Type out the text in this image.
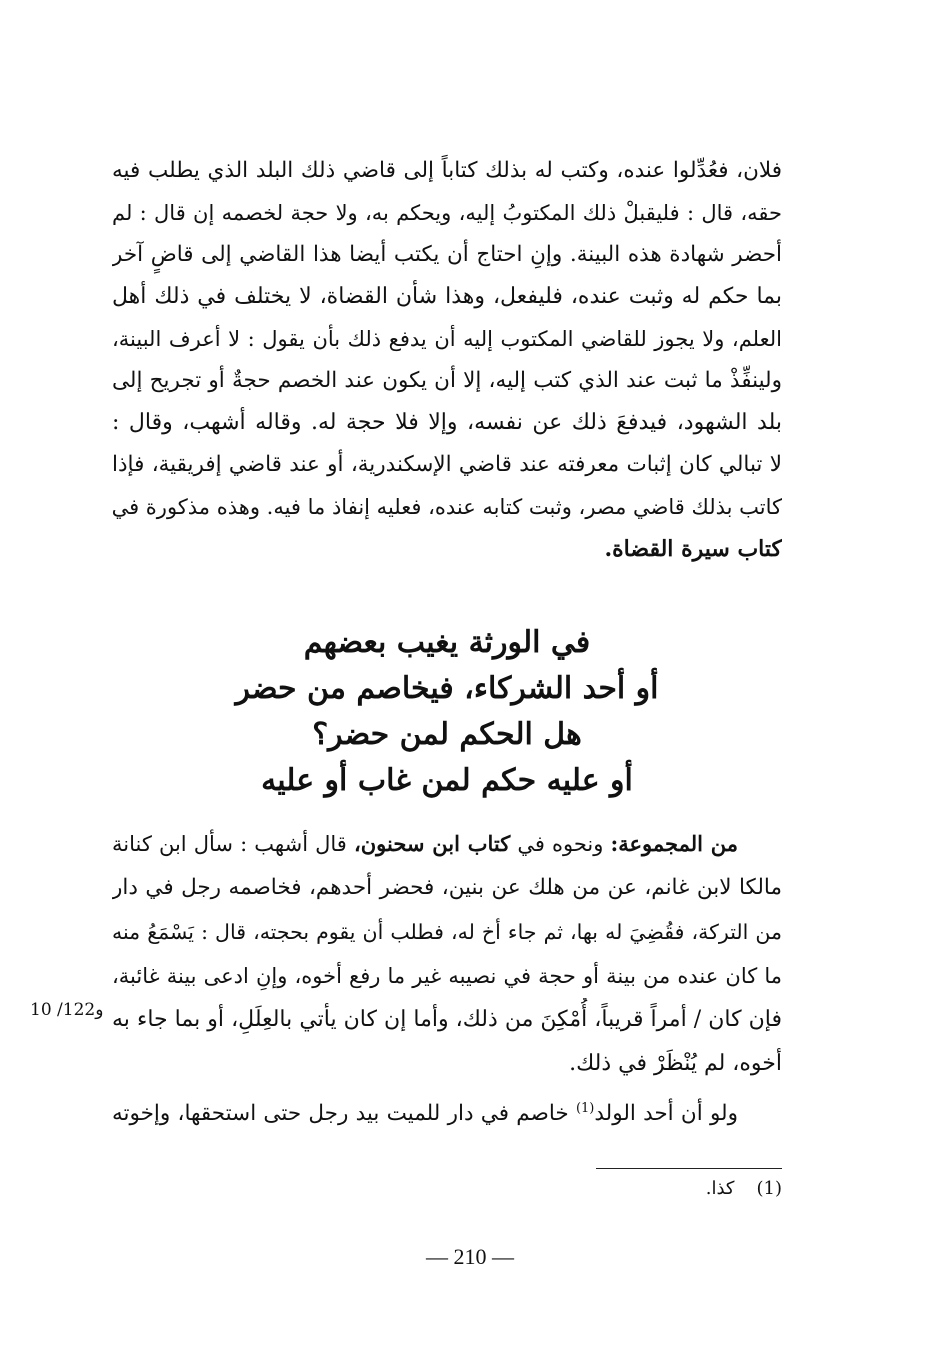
فلان، فعُدِّلوا عنده، وكتب له بذلك كتاباً إلى قاضي ذلك البلد الذي يطلب فيه
حقه، قال : فليقبلْ ذلك المكتوبُ إليه، ويحكم به، ولا حجة لخصمه إن قال : لم
أحضر شهادة هذه البينة. وإنِ احتاج أن يكتب أيضا هذا القاضي إلى قاضٍ آخر
بما حكم له وثبت عنده، فليفعل، وهذا شأن القضاة، لا يختلف في ذلك أهل
العلم، ولا يجوز للقاضي المكتوب إليه أن يدفع ذلك بأن يقول : لا أعرف البينة،
ولينفِّذْ ما ثبت عند الذي كتب إليه، إلا أن يكون عند الخصم حجةٌ أو تجريح إلى
بلد الشهود، فيدفعَ ذلك عن نفسه، وإلا فلا حجة له. وقاله أشهب، وقال :
لا تبالي كان إثبات معرفته عند قاضي الإسكندرية، أو عند قاضي إفريقية، فإذا
كاتب بذلك قاضي مصر، وثبت كتابه عنده، فعليه إنفاذ ما فيه. وهذه مذكورة في
كتاب سيرة القضاة.
في الورثة يغيب بعضهم
أو أحد الشركاء، فيخاصم من حضر
هل الحكم لمن حضر؟
أو عليه حكم لمن غاب أو عليه
من المجموعة: ونحوه في كتاب ابن سحنون، قال أشهب : سأل ابن كنانة
مالكا لابن غانم، عن من هلك عن بنين، فحضر أحدهم، فخاصمه رجل في دار
من التركة، فقُضِيَ له بها، ثم جاء أخ له، فطلب أن يقوم بحجته، قال : يَسْمَعُ منه
ما كان عنده من بينة أو حجة في نصيبه غير ما رفع أخوه، وإنِ ادعى بينة غائبة،
فإن كان / أمراً قريباً، أُمْكِنَ من ذلك، وأما إن كان يأتي بالعِلَلِ، أو بما جاء به
أخوه، لم يُنْظَرْ في ذلك.
10 /122و
ولو أن أحد الولد$^{(1)}$ خاصم في دار للميت بيد رجل حتى استحقها، وإخوته
(1)كذا.
— 210 —
